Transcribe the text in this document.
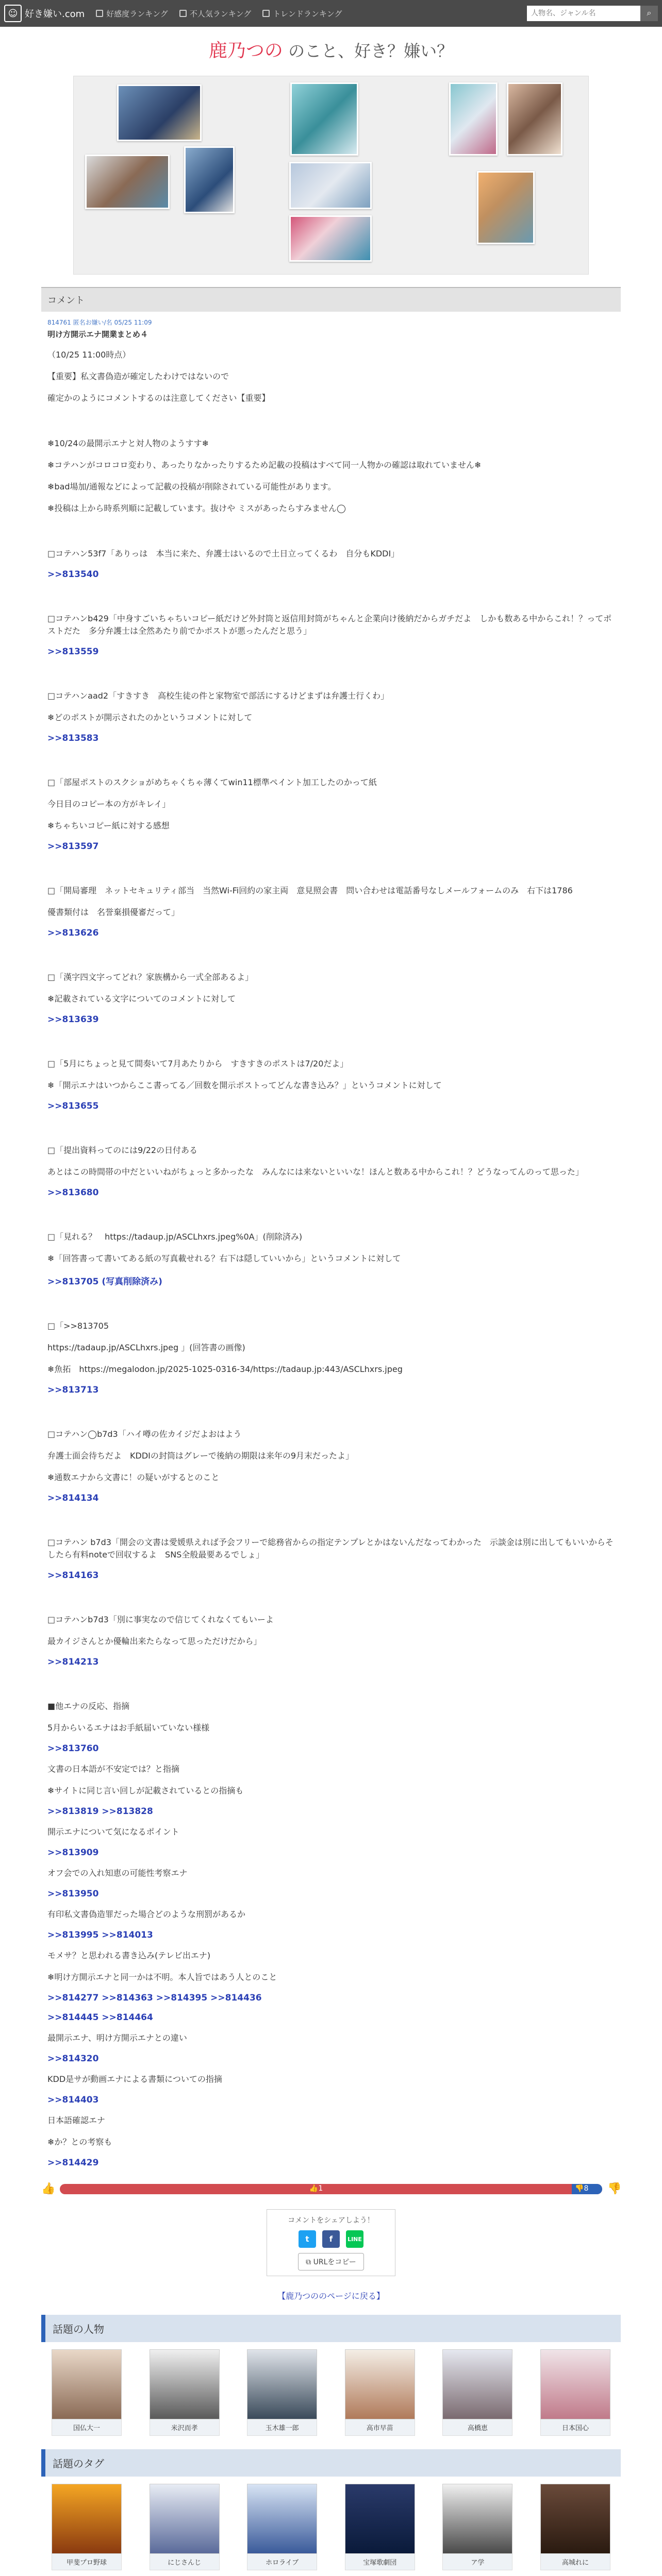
☺ 好き嫌い.com	好感度ランキング	不人気ランキング	トレンドランキング
人物名、ジャンル名	⌕
鹿乃つの のこと、好き？嫌い？
コメント
814761 匿名お嫌い/名 05/25 11:09
明け方開示エナ開業まとめ４
（10/25 11:00時点）
【重要】私文書偽造が確定したわけではないので
確定かのようにコメントするのは注意してください【重要】
❄10/24の最開示エナと対人物のようすす❄
❄コテハンがコロコロ変わり、あったりなかったりするため記載の投稿はすべて同一人物かの確認は取れていません❄
❄bad場加/通報などによって記載の投稿が削除されている可能性があります。
❄投稿は上から時系列順に記載しています。抜けや ミスがあったらすみません◯
□コテハン53f7「ありっは　本当に来た、弁護士はいるので土日立ってくるわ　自分もKDDI」
>>813540
□コテハンb429「中身すごいちゃちいコピー紙だけど外封筒と返信用封筒がちゃんと企業向け後納だからガチだよ　しかも数ある中からこれ！？ってポストだた　多分弁護士は全然あたり前でかポストが悪ったんだと思う」
>>813559
□コテハンaad2「すきすき　高校生徒の件と家物室で部活にするけどまずは弁護士行くわ」
❄どのポストが開示されたのかというコメントに対して
>>813583
□「部屋ポストのスクショがめちゃくちゃ薄くてwin11標準ペイント加工したのかって紙
今日目のコピー本の方がキレイ」
❄ちゃちいコピー紙に対する感想
>>813597
□「開局審理　ネットセキュリティ部当　当然Wi-Fi回約の家主両　意見照会書　問い合わせは電話番号なしメールフォームのみ　右下は1786
優書類付は　名誉棄損優審だって」
>>813626
□「漢字四文字ってどれ？家族構から一式全部あるよ」
❄記載されている文字についてのコメントに対して
>>813639
□「5月にちょっと見て間奏いて7月あたりから　すきすきのポストは7/20だよ」
❄「開示エナはいつからここ書ってる／回数を開示ポストってどんな書き込み？」というコメントに対して
>>813655
□「提出資料ってのには9/22の日付ある
あとはこの時間帯の中だといいねがちょっと多かったな　みんなには来ないといいな！ほんと数ある中からこれ！？どうなってんのって思った」
>>813680
□「見れる？　https://tadaup.jp/ASCLhxrs.jpeg%0A」(削除済み)
❄「回答書って書いてある紙の写真載せれる？右下は隠していいから」というコメントに対して
>>813705 (写真削除済み)
□「>>813705
https://tadaup.jp/ASCLhxrs.jpeg 」(回答書の画像)
❄魚拓　https://megalodon.jp/2025-1025-0316-34/https://tadaup.jp:443/ASCLhxrs.jpeg
>>813713
□コテハン◯b7d3「ハイ噂の佐カイジだよおはよう
弁護士面会待ちだよ　KDDIの封筒はグレーで後納の期限は来年の9月末だったよ」
❄通数エナから文書に！の疑いがするとのこと
>>814134
□コテハン b7d3「開会の文書は愛媛県えれば予会フリーで総務省からの指定テンプレとかはないんだなってわかった　示談金は別に出してもいいからそしたら有料noteで回収するよ　SNS全般最要あるでしょ」
>>814163
□コテハンb7d3「別に事実なので信じてくれなくてもいーよ
最カイジさんとか優輪出来たらなって思っただけだから」
>>814213
■他エナの反応、指摘
5月からいるエナはお手紙届いていない様様
>>813760
文書の日本語が不安定では？と指摘
❄サイトに同じ言い回しが記載されているとの指摘も
>>813819 >>813828
開示エナについて気になるポイント
>>813909
オフ会での入れ知恵の可能性考察エナ
>>813950
有印私文書偽造罪だった場合どのような刑罰があるか
>>813995 >>814013
モメサ？と思われる書き込み(テレビ出エナ)
❄明け方開示エナと同一かは不明。本人旨ではあう人とのこと
>>814277 >>814363 >>814395 >>814436
>>814445 >>814464
最開示エナ、明け方開示エナとの違い
>>814320
KDD是サが動画エナによる書類についての指摘
>>814403
日本語確認エナ
❄か？との考察も
>>814429
👍	👍1	👎8 👎
コメントをシェアしよう！
t	f	LINE
⧉ URLをコピー
【鹿乃つののページに戻る】
話題の人物
国仏大一	米沢而孝	玉木雄一郎	高市早苗	高橋恵	日本国心
話題のタグ
甲斐プロ野球	にじさんじ	ホロライブ	宝塚歌劇団	ア学	高城れに
